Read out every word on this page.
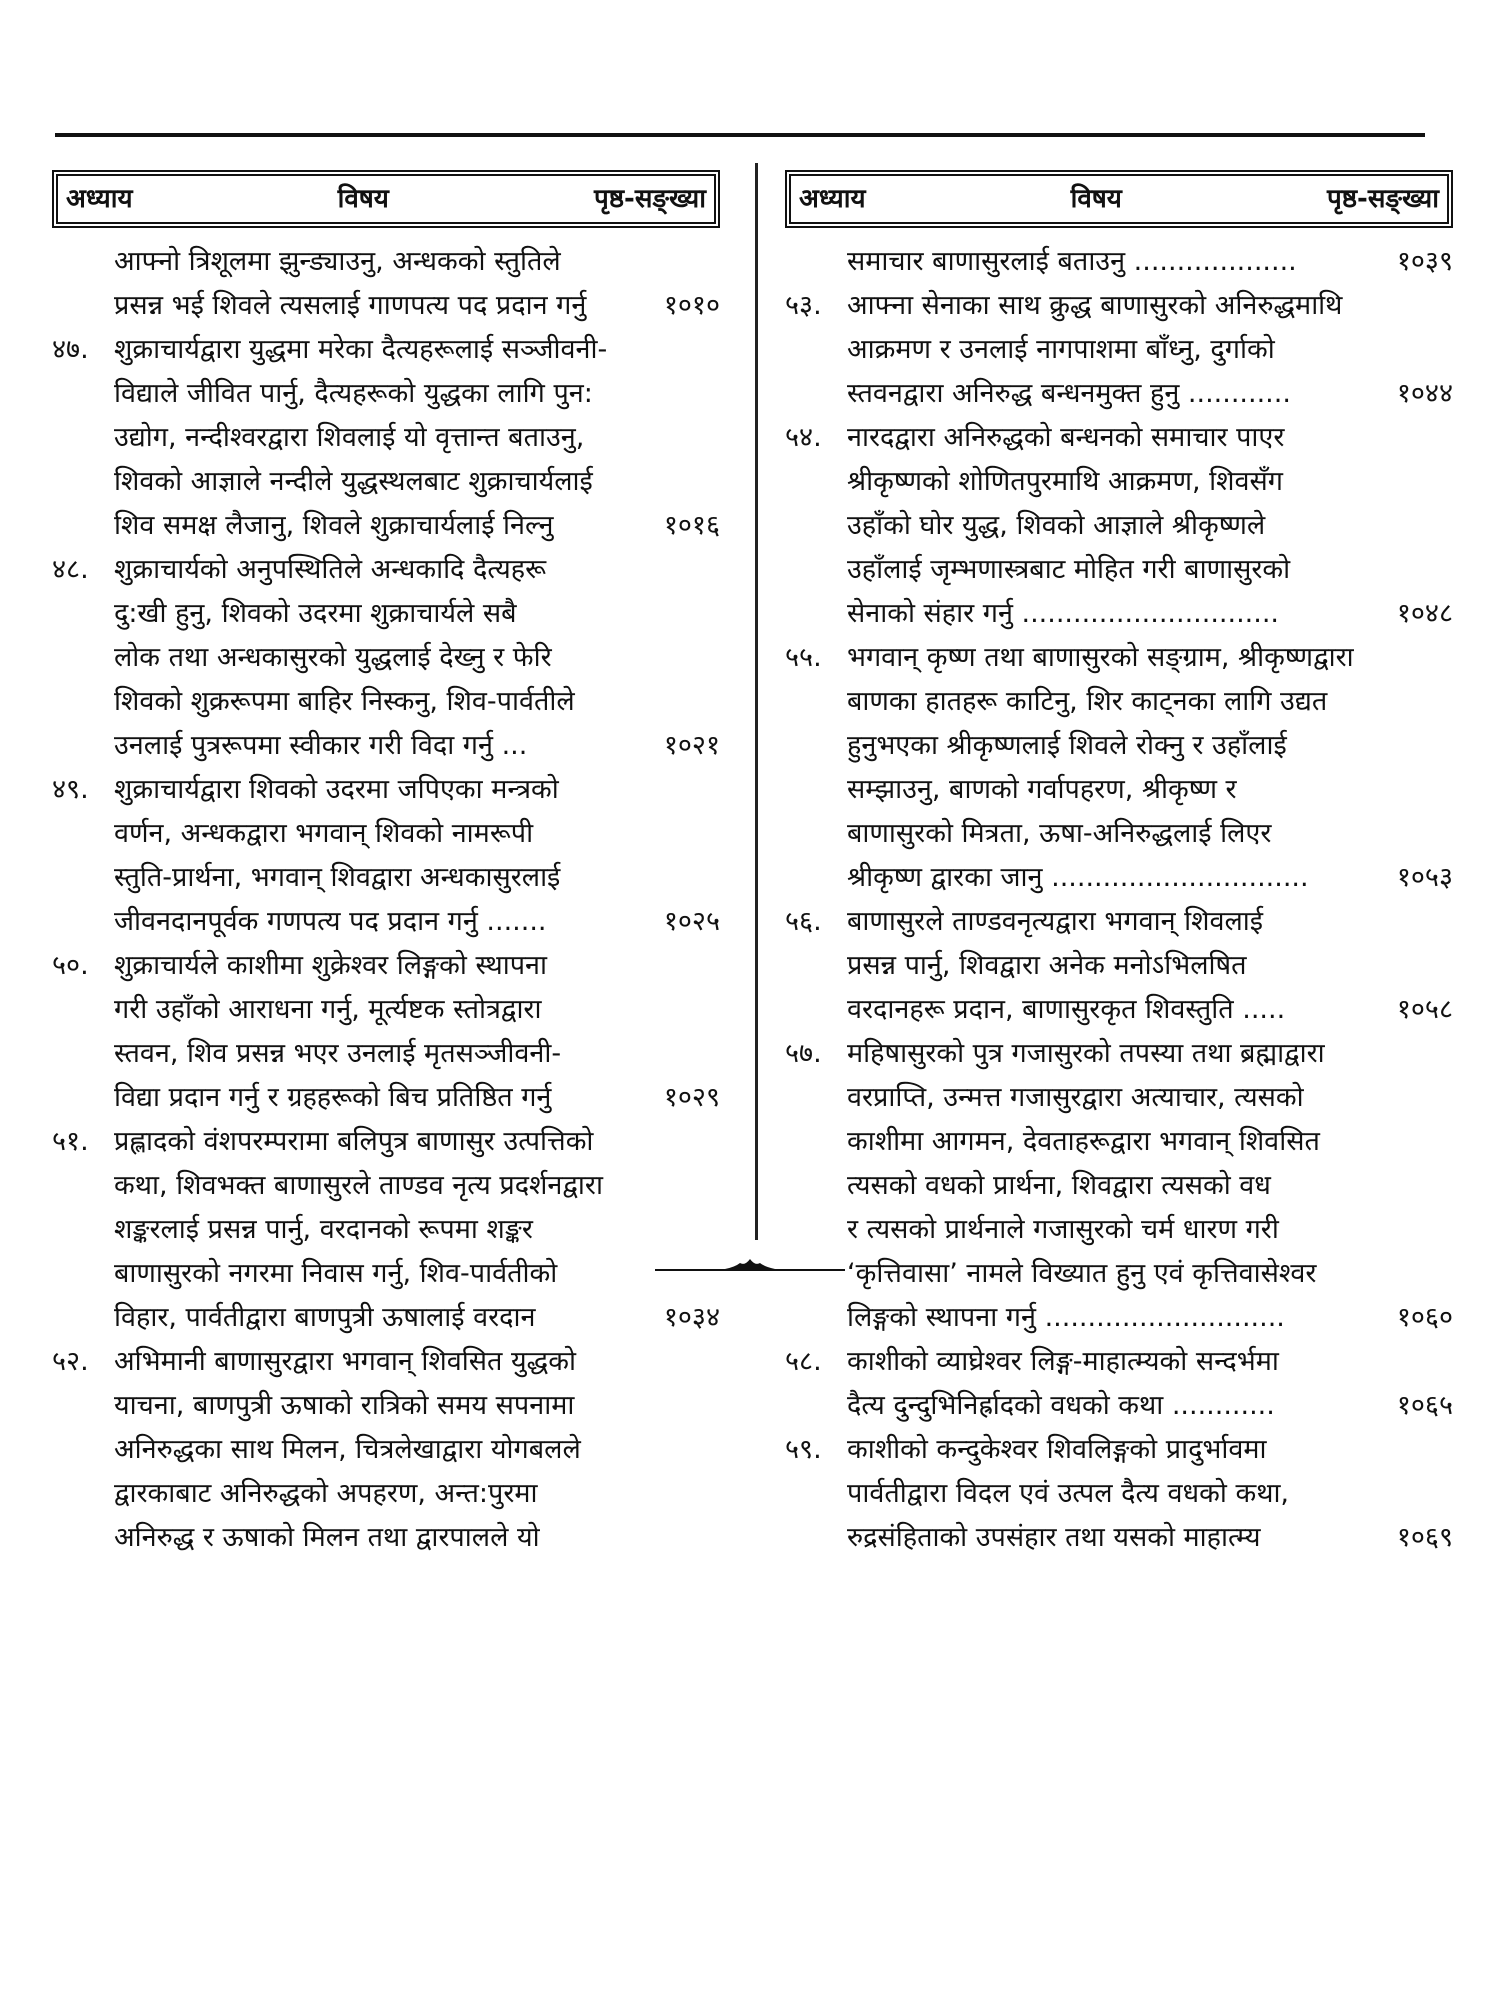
अध्याय	विषय	पृष्ठ-सङ्ख्या
आफ्नो त्रिशूलमा झुन्ड्याउनु, अन्धकको स्तुतिले
प्रसन्न भई शिवले त्यसलाई गाणपत्य पद प्रदान गर्नु	१०१०
४७. शुक्राचार्यद्वारा युद्धमा मरेका दैत्यहरूलाई सञ्जीवनी-
विद्याले जीवित पार्नु, दैत्यहरूको युद्धका लागि पुन:
उद्योग, नन्दीश्वरद्वारा शिवलाई यो वृत्तान्त बताउनु,
शिवको आज्ञाले नन्दीले युद्धस्थलबाट शुक्राचार्यलाई
शिव समक्ष लैजानु, शिवले शुक्राचार्यलाई निल्नु	१०१६
४८. शुक्राचार्यको अनुपस्थितिले अन्धकादि दैत्यहरू
दु:खी हुनु, शिवको उदरमा शुक्राचार्यले सबै
लोक तथा अन्धकासुरको युद्धलाई देख्नु र फेरि
शिवको शुक्ररूपमा बाहिर निस्कनु, शिव-पार्वतीले
उनलाई पुत्ररूपमा स्वीकार गरी विदा गर्नु ...	१०२१
४९. शुक्राचार्यद्वारा शिवको उदरमा जपिएका मन्त्रको
वर्णन, अन्धकद्वारा भगवान् शिवको नामरूपी
स्तुति-प्रार्थना, भगवान् शिवद्वारा अन्धकासुरलाई
जीवनदानपूर्वक गणपत्य पद प्रदान गर्नु .......	१०२५
५०. शुक्राचार्यले काशीमा शुक्रेश्वर लिङ्गको स्थापना
गरी उहाँको आराधना गर्नु, मूर्त्यष्टक स्तोत्रद्वारा
स्तवन, शिव प्रसन्न भएर उनलाई मृतसञ्जीवनी-
विद्या प्रदान गर्नु र ग्रहहरूको बिच प्रतिष्ठित गर्नु	१०२९
५१. प्रह्लादको वंशपरम्परामा बलिपुत्र बाणासुर उत्पत्तिको
कथा, शिवभक्त बाणासुरले ताण्डव नृत्य प्रदर्शनद्वारा
शङ्करलाई प्रसन्न पार्नु, वरदानको रूपमा शङ्कर
बाणासुरको नगरमा निवास गर्नु, शिव-पार्वतीको
विहार, पार्वतीद्वारा बाणपुत्री ऊषालाई वरदान	१०३४
५२. अभिमानी बाणासुरद्वारा भगवान् शिवसित युद्धको
याचना, बाणपुत्री ऊषाको रात्रिको समय सपनामा
अनिरुद्धका साथ मिलन, चित्रलेखाद्वारा योगबलले
द्वारकाबाट अनिरुद्धको अपहरण, अन्त:पुरमा
अनिरुद्ध र ऊषाको मिलन तथा द्वारपालले यो
अध्याय	विषय	पृष्ठ-सङ्ख्या
समाचार बाणासुरलाई बताउनु ...................	१०३९
५३. आफ्ना सेनाका साथ क्रुद्ध बाणासुरको अनिरुद्धमाथि
आक्रमण र उनलाई नागपाशमा बाँध्नु, दुर्गाको
स्तवनद्वारा अनिरुद्ध बन्धनमुक्त हुनु ............	१०४४
५४. नारदद्वारा अनिरुद्धको बन्धनको समाचार पाएर
श्रीकृष्णको शोणितपुरमाथि आक्रमण, शिवसँग
उहाँको घोर युद्ध, शिवको आज्ञाले श्रीकृष्णले
उहाँलाई जृम्भणास्त्रबाट मोहित गरी बाणासुरको
सेनाको संहार गर्नु ..............................	१०४८
५५. भगवान् कृष्ण तथा बाणासुरको सङ्ग्राम, श्रीकृष्णद्वारा
बाणका हातहरू काटिनु, शिर काट्नका लागि उद्यत
हुनुभएका श्रीकृष्णलाई शिवले रोक्नु र उहाँलाई
सम्झाउनु, बाणको गर्वापहरण, श्रीकृष्ण र
बाणासुरको मित्रता, ऊषा-अनिरुद्धलाई लिएर
श्रीकृष्ण द्वारका जानु ..............................	१०५३
५६. बाणासुरले ताण्डवनृत्यद्वारा भगवान् शिवलाई
प्रसन्न पार्नु, शिवद्वारा अनेक मनोऽभिलषित
वरदानहरू प्रदान, बाणासुरकृत शिवस्तुति .....	१०५८
५७. महिषासुरको पुत्र गजासुरको तपस्या तथा ब्रह्माद्वारा
वरप्राप्ति, उन्मत्त गजासुरद्वारा अत्याचार, त्यसको
काशीमा आगमन, देवताहरूद्वारा भगवान् शिवसित
त्यसको वधको प्रार्थना, शिवद्वारा त्यसको वध
र त्यसको प्रार्थनाले गजासुरको चर्म धारण गरी
‘कृत्तिवासा’ नामले विख्यात हुनु एवं कृत्तिवासेश्वर
लिङ्गको स्थापना गर्नु ............................	१०६०
५८. काशीको व्याघ्रेश्वर लिङ्ग-माहात्म्यको सन्दर्भमा
दैत्य दुन्दुभिनिर्ह्रादको वधको कथा ............	१०६५
५९. काशीको कन्दुकेश्वर शिवलिङ्गको प्रादुर्भावमा
पार्वतीद्वारा विदल एवं उत्पल दैत्य वधको कथा,
रुद्रसंहिताको उपसंहार तथा यसको माहात्म्य	१०६९
